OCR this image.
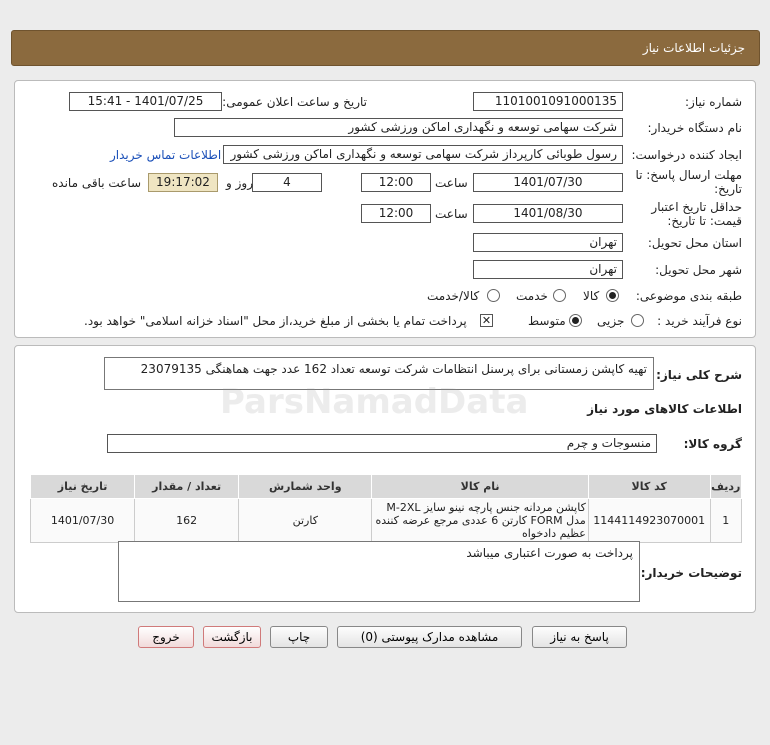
جزئیات اطلاعات نیاز
شماره نیاز:
1101001091000135
تاریخ و ساعت اعلان عمومی:
1401/07/25 - 15:41
نام دستگاه خریدار:
شرکت سهامی توسعه و نگهداری اماکن ورزشی کشور
ایجاد کننده درخواست:
رسول طوبائی کارپرداز شرکت سهامی توسعه و نگهداری اماکن ورزشی کشور
اطلاعات تماس خریدار
مهلت ارسال پاسخ: تا تاریخ:
1401/07/30
ساعت
12:00
4
روز و
19:17:02
ساعت باقی مانده
حداقل تاریخ اعتبار قیمت: تا تاریخ:
1401/08/30
ساعت
12:00
استان محل تحویل:
تهران
شهر محل تحویل:
تهران
طبقه بندی موضوعی:
کالا
خدمت
کالا/خدمت
نوع فرآیند خرید :
جزیی
متوسط
✕
پرداخت تمام یا بخشی از مبلغ خرید،از محل "اسناد خزانه اسلامی" خواهد بود.
شرح کلی نیاز:
تهیه کاپشن زمستانی برای پرسنل انتظامات شرکت توسعه تعداد 162 عدد جهت هماهنگی 23079135
اطلاعات کالاهای مورد نیاز
گروه کالا:
منسوجات و چرم
ردیف	کد کالا	نام کالا	واحد شمارش	تعداد / مقدار	تاریخ نیاز
1	1144114923070001	کاپشن مردانه جنس پارچه نینو سایز M-2XL مدل FORM کارتن 6 عددی مرجع عرضه کننده عظیم دادخواه	کارتن	162	1401/07/30
توضیحات خریدار:
پرداخت به صورت اعتباری میباشد
پاسخ به نیاز
مشاهده مدارک پیوستی (0)
چاپ
بازگشت
خروج
